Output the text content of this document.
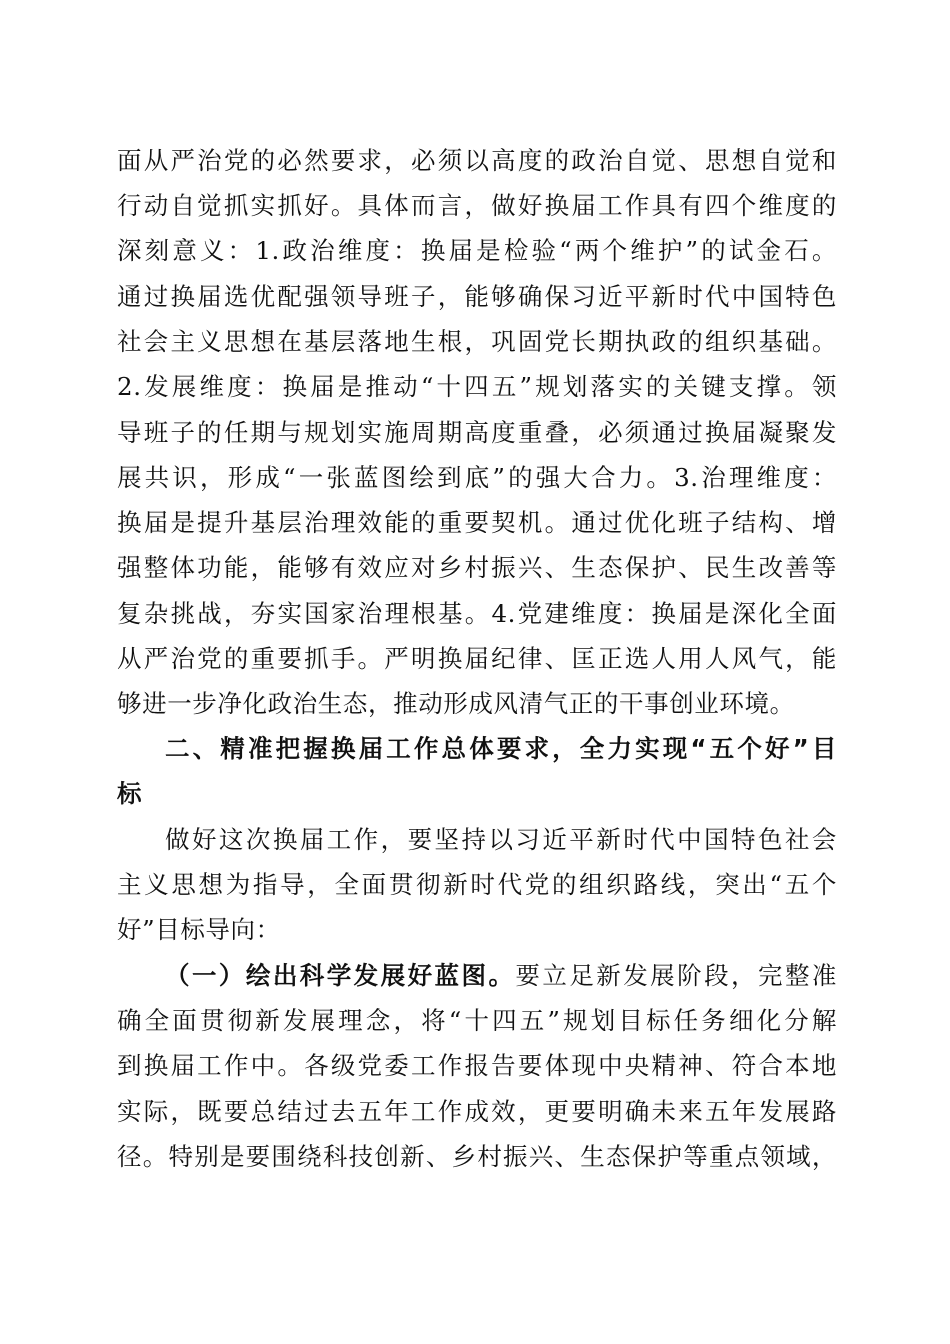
面从严治党的必然要求，必须以高度的政治自觉、思想自觉和
行动自觉抓实抓好。具体而言，做好换届工作具有四个维度的
深刻意义：1.政治维度：换届是检验“两个维护”的试金石。
通过换届选优配强领导班子，能够确保习近平新时代中国特色
社会主义思想在基层落地生根，巩固党长期执政的组织基础。
2.发展维度：换届是推动“十四五”规划落实的关键支撑。领
导班子的任期与规划实施周期高度重叠，必须通过换届凝聚发
展共识，形成“一张蓝图绘到底”的强大合力。3.治理维度：
换届是提升基层治理效能的重要契机。通过优化班子结构、增
强整体功能，能够有效应对乡村振兴、生态保护、民生改善等
复杂挑战，夯实国家治理根基。4.党建维度：换届是深化全面
从严治党的重要抓手。严明换届纪律、匡正选人用人风气，能
够进一步净化政治生态，推动形成风清气正的干事创业环境。
二、精准把握换届工作总体要求，全力实现“五个好”目
标
做好这次换届工作，要坚持以习近平新时代中国特色社会
主义思想为指导，全面贯彻新时代党的组织路线，突出“五个
好”目标导向：
（一）绘出科学发展好蓝图。要立足新发展阶段，完整准
确全面贯彻新发展理念，将“十四五”规划目标任务细化分解
到换届工作中。各级党委工作报告要体现中央精神、符合本地
实际，既要总结过去五年工作成效，更要明确未来五年发展路
径。特别是要围绕科技创新、乡村振兴、生态保护等重点领域，
